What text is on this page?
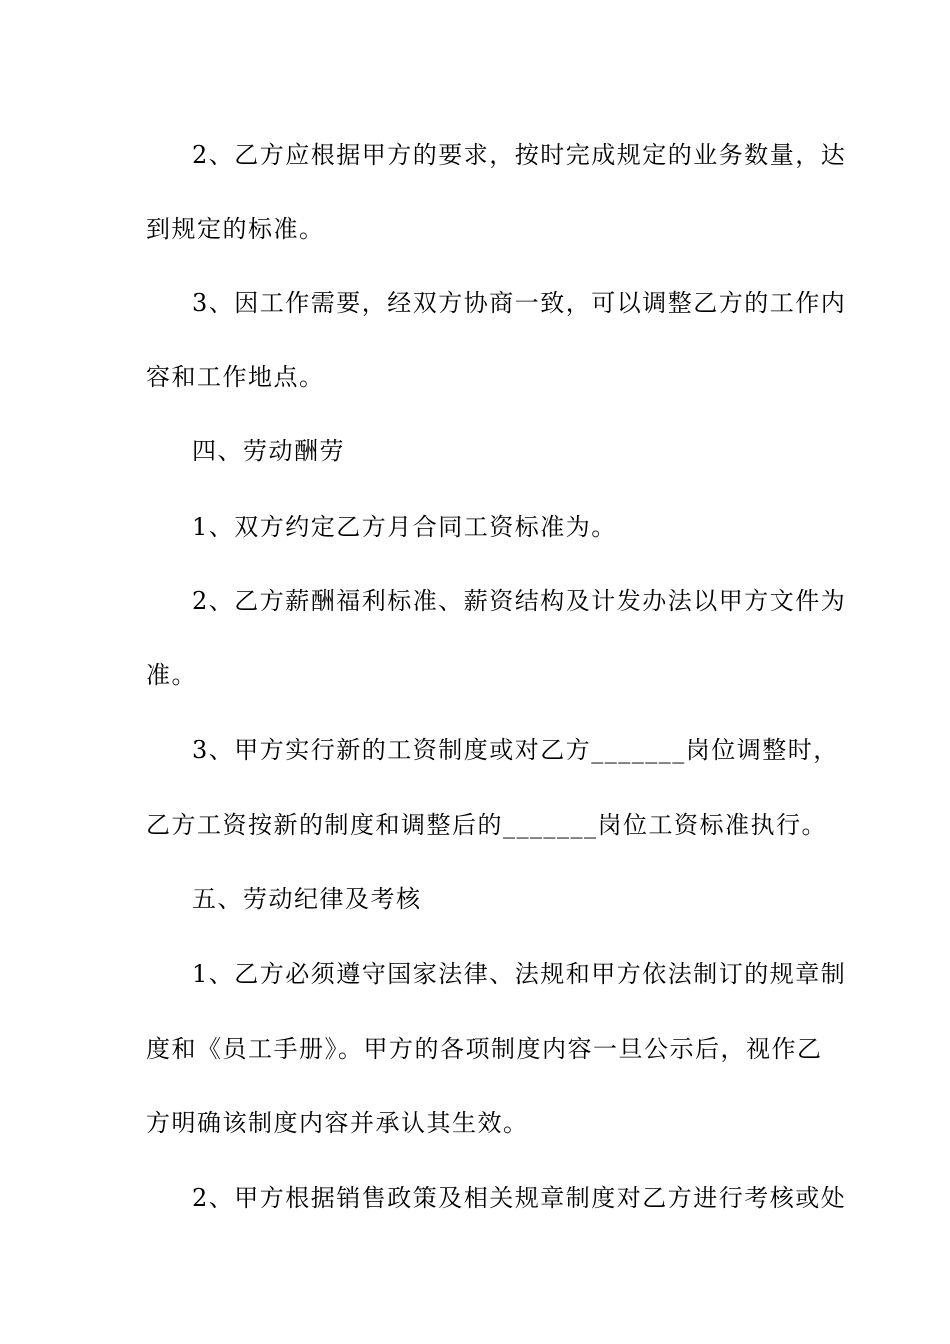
2、乙方应根据甲方的要求，按时完成规定的业务数量，达
到规定的标准。
3、因工作需要，经双方协商一致，可以调整乙方的工作内
容和工作地点。
四、劳动酬劳
1、双方约定乙方月合同工资标准为。
2、乙方薪酬福利标准、薪资结构及计发办法以甲方文件为
准。
3、甲方实行新的工资制度或对乙方_______岗位调整时，
乙方工资按新的制度和调整后的_______岗位工资标准执行。
五、劳动纪律及考核
1、乙方必须遵守国家法律、法规和甲方依法制订的规章制
度和《员工手册》。甲方的各项制度内容一旦公示后，视作乙
方明确该制度内容并承认其生效。
2、甲方根据销售政策及相关规章制度对乙方进行考核或处
